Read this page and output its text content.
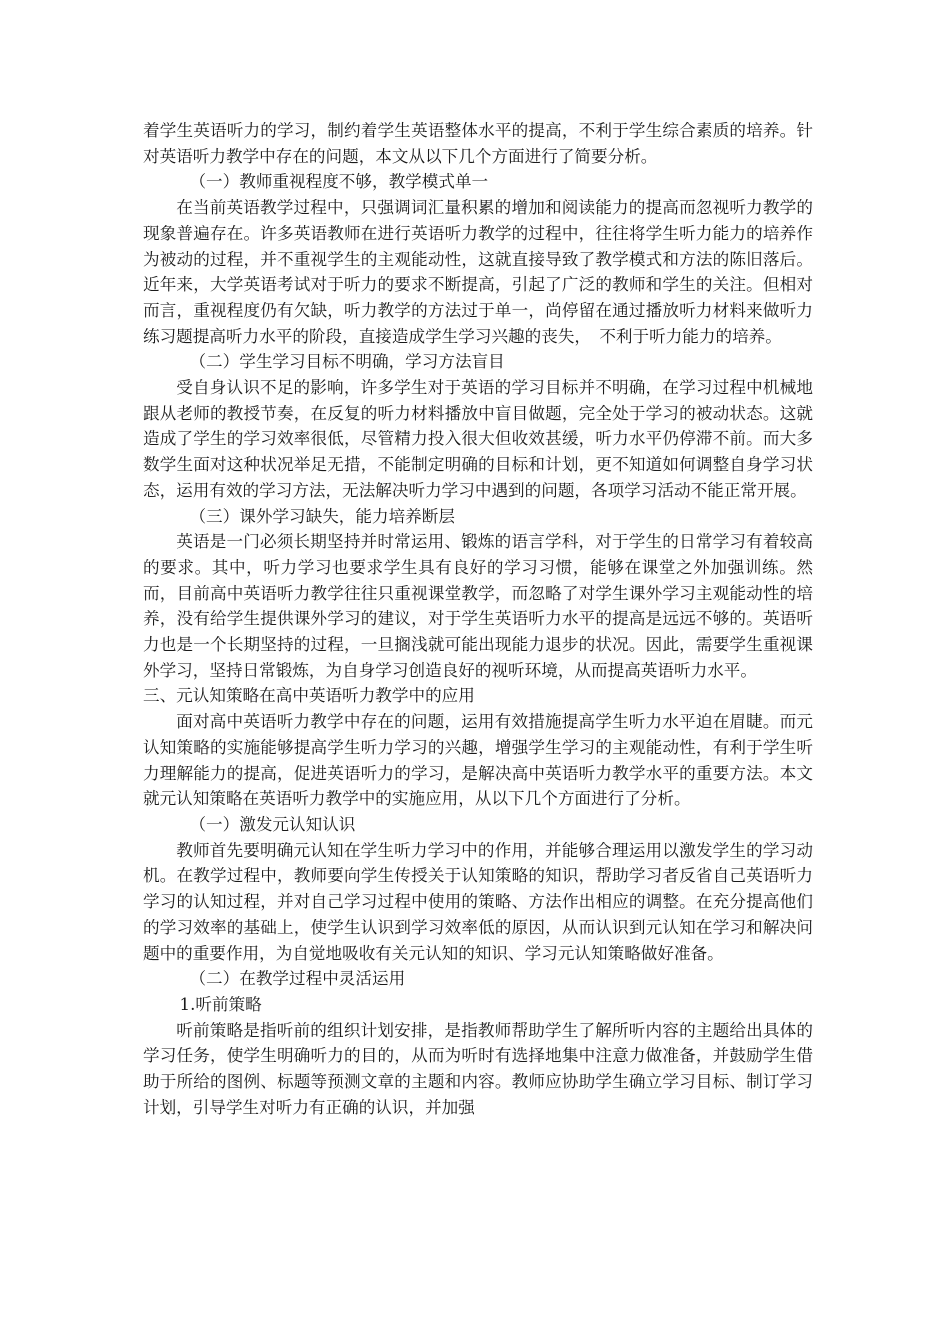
着学生英语听力的学习，制约着学生英语整体水平的提高，不利于学生综合素质的培养。针对英语听力教学中存在的问题，本文从以下几个方面进行了简要分析。

（一）教师重视程度不够，教学模式单一

在当前英语教学过程中，只强调词汇量积累的增加和阅读能力的提高而忽视听力教学的现象普遍存在。许多英语教师在进行英语听力教学的过程中，往往将学生听力能力的培养作为被动的过程，并不重视学生的主观能动性，这就直接导致了教学模式和方法的陈旧落后。近年来，大学英语考试对于听力的要求不断提高，引起了广泛的教师和学生的关注。但相对而言，重视程度仍有欠缺，听力教学的方法过于单一，尚停留在通过播放听力材料来做听力练习题提高听力水平的阶段，直接造成学生学习兴趣的丧失，　不利于听力能力的培养。

（二）学生学习目标不明确，学习方法盲目

受自身认识不足的影响，许多学生对于英语的学习目标并不明确，在学习过程中机械地跟从老师的教授节奏，在反复的听力材料播放中盲目做题，完全处于学习的被动状态。这就造成了学生的学习效率很低，尽管精力投入很大但收效甚缓，听力水平仍停滞不前。而大多数学生面对这种状况举足无措，不能制定明确的目标和计划，更不知道如何调整自身学习状态，运用有效的学习方法，无法解决听力学习中遇到的问题，各项学习活动不能正常开展。

（三）课外学习缺失，能力培养断层

英语是一门必须长期坚持并时常运用、锻炼的语言学科，对于学生的日常学习有着较高的要求。其中，听力学习也要求学生具有良好的学习习惯，能够在课堂之外加强训练。然而，目前高中英语听力教学往往只重视课堂教学，而忽略了对学生课外学习主观能动性的培养，没有给学生提供课外学习的建议，对于学生英语听力水平的提高是远远不够的。英语听力也是一个长期坚持的过程，一旦搁浅就可能出现能力退步的状况。因此，需要学生重视课外学习，坚持日常锻炼，为自身学习创造良好的视听环境，从而提高英语听力水平。

三、元认知策略在高中英语听力教学中的应用

面对高中英语听力教学中存在的问题，运用有效措施提高学生听力水平迫在眉睫。而元认知策略的实施能够提高学生听力学习的兴趣，增强学生学习的主观能动性，有利于学生听力理解能力的提高，促进英语听力的学习，是解决高中英语听力教学水平的重要方法。本文就元认知策略在英语听力教学中的实施应用，从以下几个方面进行了分析。

（一）激发元认知认识

教师首先要明确元认知在学生听力学习中的作用，并能够合理运用以激发学生的学习动机。在教学过程中，教师要向学生传授关于认知策略的知识，帮助学习者反省自己英语听力学习的认知过程，并对自己学习过程中使用的策略、方法作出相应的调整。在充分提高他们的学习效率的基础上，使学生认识到学习效率低的原因，从而认识到元认知在学习和解决问题中的重要作用，为自觉地吸收有关元认知的知识、学习元认知策略做好准备。

（二）在教学过程中灵活运用

1.听前策略

听前策略是指听前的组织计划安排，是指教师帮助学生了解所听内容的主题给出具体的学习任务，使学生明确听力的目的，从而为听时有选择地集中注意力做准备，并鼓励学生借助于所给的图例、标题等预测文章的主题和内容。教师应协助学生确立学习目标、制订学习计划，引导学生对听力有正确的认识，并加强
